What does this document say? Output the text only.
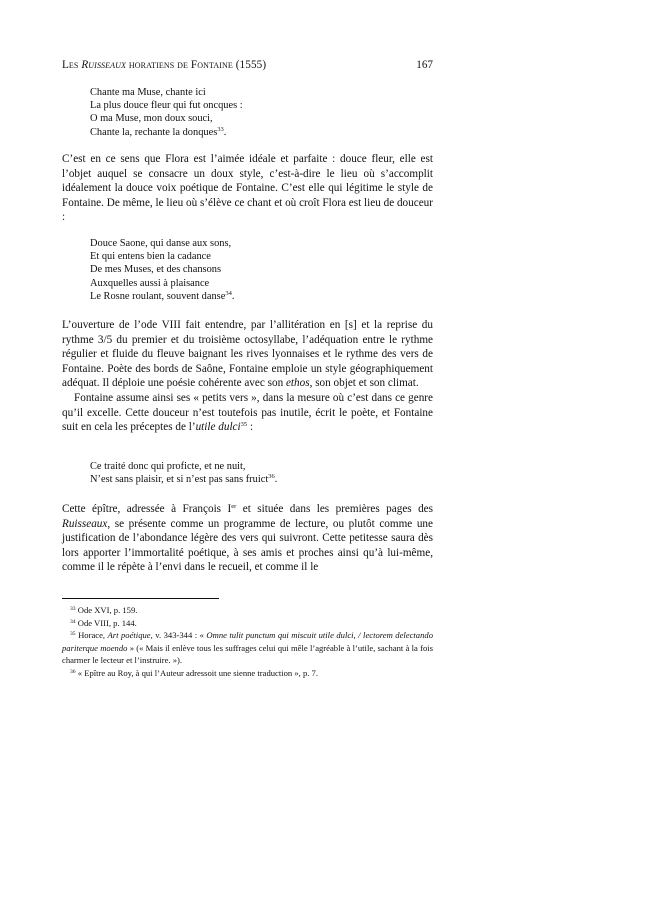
Les Ruisseaux horatiens de Fontaine (1555)	167
Chante ma Muse, chante ici
La plus douce fleur qui fut oncques :
O ma Muse, mon doux souci,
Chante la, rechante la donques$^{33}$.

C’est en ce sens que Flora est l’aimée idéale et parfaite : douce fleur, elle est l’objet auquel se consacre un doux style, c’est-à-dire le lieu où s’accomplit idéalement la douce voix poétique de Fontaine. C’est elle qui légitime le style de Fontaine. De même, le lieu où s’élève ce chant et où croît Flora est lieu de douceur :

Douce Saone, qui danse aux sons,
Et qui entens bien la cadance
De mes Muses, et des chansons
Auxquelles aussi à plaisance
Le Rosne roulant, souvent danse$^{34}$.

L’ouverture de l’ode VIII fait entendre, par l’allitération en [s] et la reprise du rythme 3/5 du premier et du troisième octosyllabe, l’adéquation entre le rythme régulier et fluide du fleuve baignant les rives lyonnaises et le rythme des vers de Fontaine. Poète des bords de Saône, Fontaine emploie un style géographiquement adéquat. Il déploie une poésie cohérente avec son ethos, son objet et son climat.

Fontaine assume ainsi ses « petits vers », dans la mesure où c’est dans ce genre qu’il excelle. Cette douceur n’est toutefois pas inutile, écrit le poète, et Fontaine suit en cela les préceptes de l’utile dulci$^{35}$ :

Ce traité donc qui proficte, et ne nuit,
N’est sans plaisir, et si n’est pas sans fruict$^{36}$.

Cette épître, adressée à François Ier et située dans les premières pages des Ruisseaux, se présente comme un programme de lecture, ou plutôt comme une justification de l’abondance légère des vers qui suivront. Cette petitesse saura dès lors apporter l’immortalité poétique, à ses amis et proches ainsi qu’à lui-même, comme il le répète à l’envi dans le recueil, et comme il le

$^{33}$ Ode XVI, p. 159.

$^{34}$ Ode VIII, p. 144.

$^{35}$ Horace, Art poétique, v. 343-344 : « Omne tulit punctum qui miscuit utile dulci, / lectorem delectando pariterque moendo » (« Mais il enlève tous les suffrages celui qui mêle l’agréable à l’utile, sachant à la fois charmer le lecteur et l’instruire. »).

$^{36}$ « Epître au Roy, à qui l’Auteur adressoit une sienne traduction », p. 7.
